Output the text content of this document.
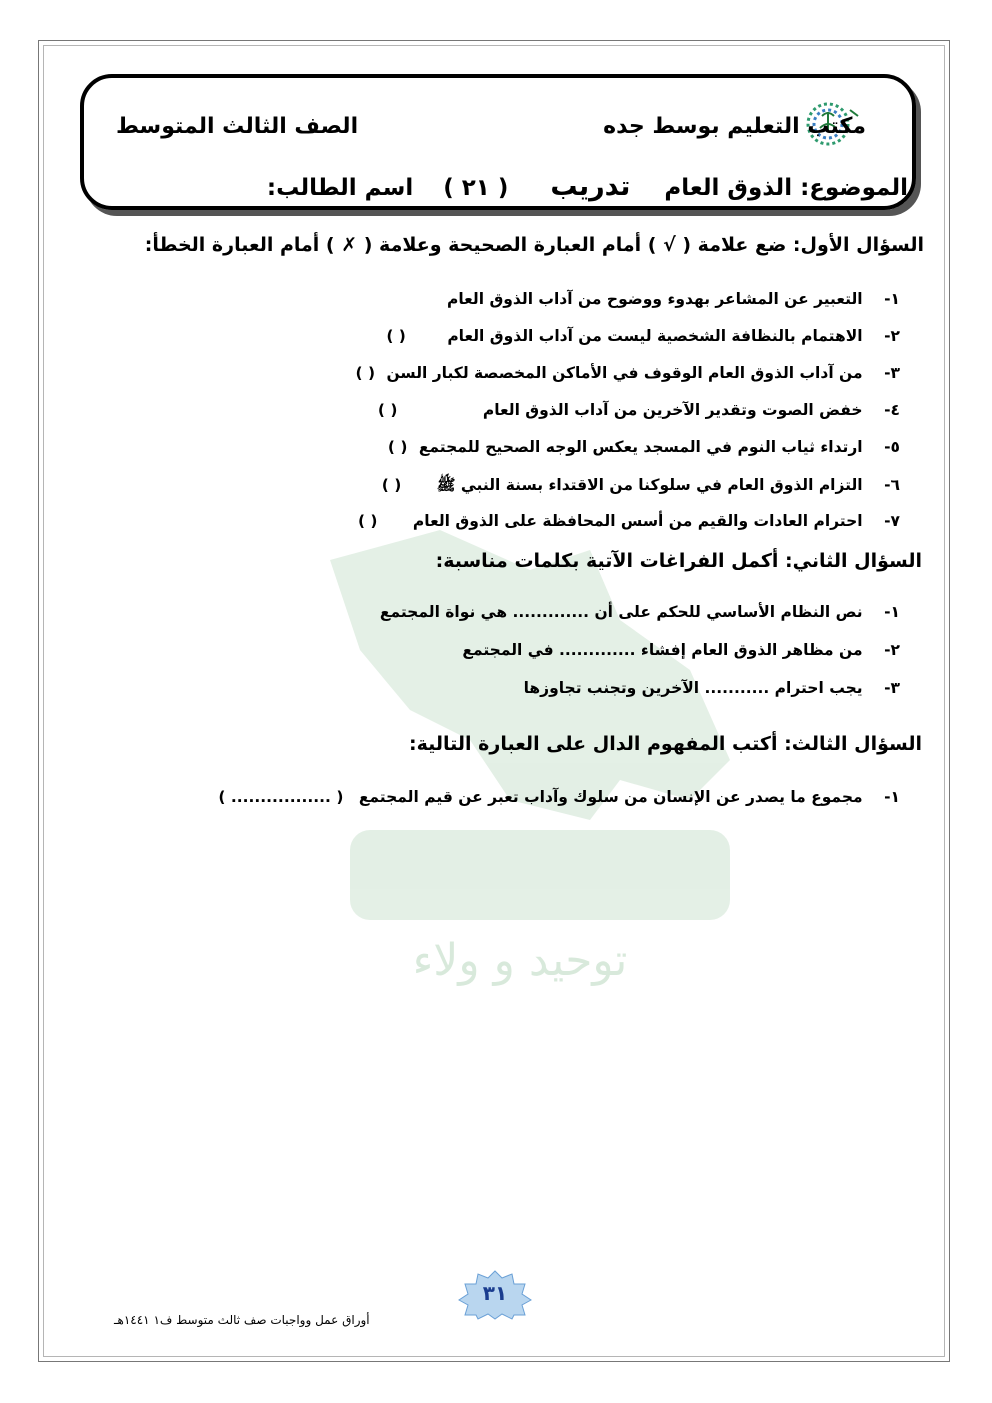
توحيد و ولاء
مكتب التعليم بوسط جده
الصف الثالث المتوسط
الموضوع: الذوق العام تدريب ( ٢١ ) اسم الطالب:
السؤال الأول: ضع علامة ( √ ) أمام العبارة الصحيحة وعلامة ( ✗ ) أمام العبارة الخطأ:
١- التعبير عن المشاعر بهدوء ووضوح من آداب الذوق العام
٢- الاهتمام بالنظافة الشخصية ليست من آداب الذوق العام ( )
٣- من آداب الذوق العام الوقوف في الأماكن المخصصة لكبار السن ( )
٤- خفض الصوت وتقدير الآخرين من آداب الذوق العام ( )
٥- ارتداء ثياب النوم في المسجد يعكس الوجه الصحيح للمجتمع ( )
٦- التزام الذوق العام في سلوكنا من الاقتداء بسنة النبي ﷺ ( )
٧- احترام العادات والقيم من أسس المحافظة على الذوق العام ( )
السؤال الثاني: أكمل الفراغات الآتية بكلمات مناسبة:
١- نص النظام الأساسي للحكم على أن ............. هي نواة المجتمع
٢- من مظاهر الذوق العام إفشاء ............. في المجتمع
٣- يجب احترام ........... الآخرين وتجنب تجاوزها
السؤال الثالث: أكتب المفهوم الدال على العبارة التالية:
١- مجموع ما يصدر عن الإنسان من سلوك وآداب تعبر عن قيم المجتمع ( ................. )
٣١
أوراق عمل وواجبات صف ثالث متوسط ف١ ١٤٤١هـ
